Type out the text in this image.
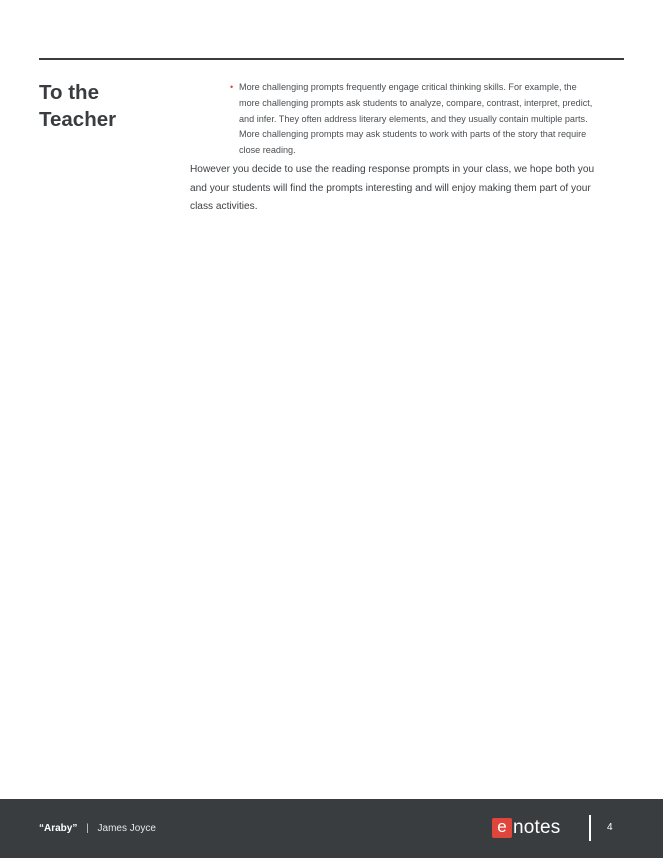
To the
Teacher
• More challenging prompts frequently engage critical thinking skills. For example, the
more challenging prompts ask students to analyze, compare, contrast, interpret, predict,
and infer. They often address literary elements, and they usually contain multiple parts.
More challenging prompts may ask students to work with parts of the story that require
close reading.

However you decide to use the reading response prompts in your class, we hope both you
and your students will find the prompts interesting and will enjoy making them part of your
class activities.

“Araby” | James Joyce	e notes	4
